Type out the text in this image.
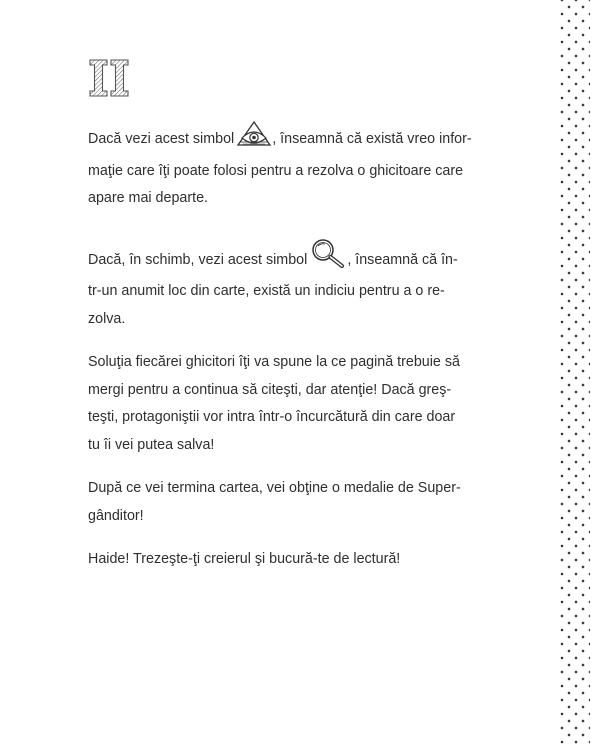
II

Dacă vezi acest simbol	, înseamnă că există vreo infor-
maţie care îţi poate folosi pentru a rezolva o ghicitoare care
apare mai departe.

Dacă, în schimb, vezi acest simbol	, înseamnă că în-
tr-un anumit loc din carte, există un indiciu pentru a o re-
zolva.

Soluţia fiecărei ghicitori îţi va spune la ce pagină trebuie să
mergi pentru a continua să citeşti, dar atenţie! Dacă greş-
teşti, protagoniştii vor intra într-o încurcătură din care doar
tu îi vei putea salva!

După ce vei termina cartea, vei obţine o medalie de Super-
gânditor!

Haide! Trezeşte-ţi creierul şi bucură-te de lectură!
